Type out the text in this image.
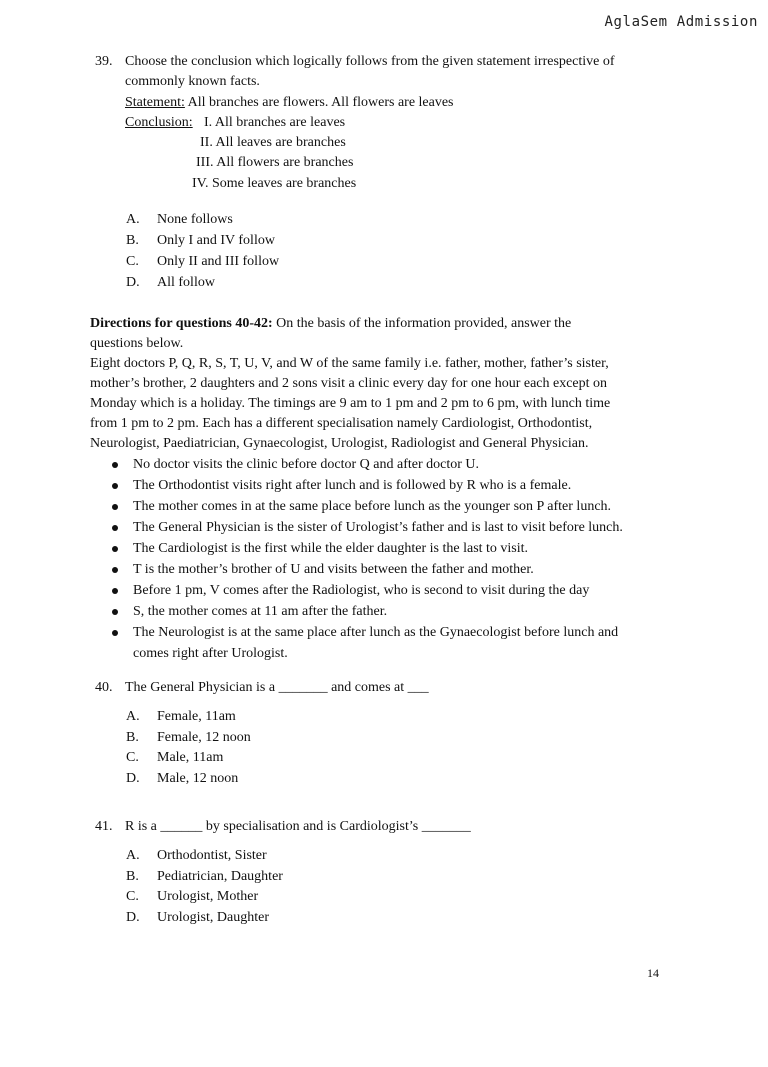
AglaSem Admission
39. Choose the conclusion which logically follows from the given statement irrespective of
commonly known facts.
Statement: All branches are flowers. All flowers are leaves
Conclusion: I. All branches are leaves
II. All leaves are branches
III. All flowers are branches
IV. Some leaves are branches
A. None follows
B. Only I and IV follow
C. Only II and III follow
D. All follow
Directions for questions 40-42: On the basis of the information provided, answer the
questions below.
Eight doctors P, Q, R, S, T, U, V, and W of the same family i.e. father, mother, father’s sister,
mother’s brother, 2 daughters and 2 sons visit a clinic every day for one hour each except on
Monday which is a holiday. The timings are 9 am to 1 pm and 2 pm to 6 pm, with lunch time
from 1 pm to 2 pm. Each has a different specialisation namely Cardiologist, Orthodontist,
Neurologist, Paediatrician, Gynaecologist, Urologist, Radiologist and General Physician.
No doctor visits the clinic before doctor Q and after doctor U.
The Orthodontist visits right after lunch and is followed by R who is a female.
The mother comes in at the same place before lunch as the younger son P after lunch.
The General Physician is the sister of Urologist’s father and is last to visit before lunch.
The Cardiologist is the first while the elder daughter is the last to visit.
T is the mother’s brother of U and visits between the father and mother.
Before 1 pm, V comes after the Radiologist, who is second to visit during the day
S, the mother comes at 11 am after the father.
The Neurologist is at the same place after lunch as the Gynaecologist before lunch and
comes right after Urologist.
40. The General Physician is a _______ and comes at ___
A. Female, 11am
B. Female, 12 noon
C. Male, 11am
D. Male, 12 noon
41. R is a ______ by specialisation and is Cardiologist’s _______
A. Orthodontist, Sister
B. Pediatrician, Daughter
C. Urologist, Mother
D. Urologist, Daughter
14
